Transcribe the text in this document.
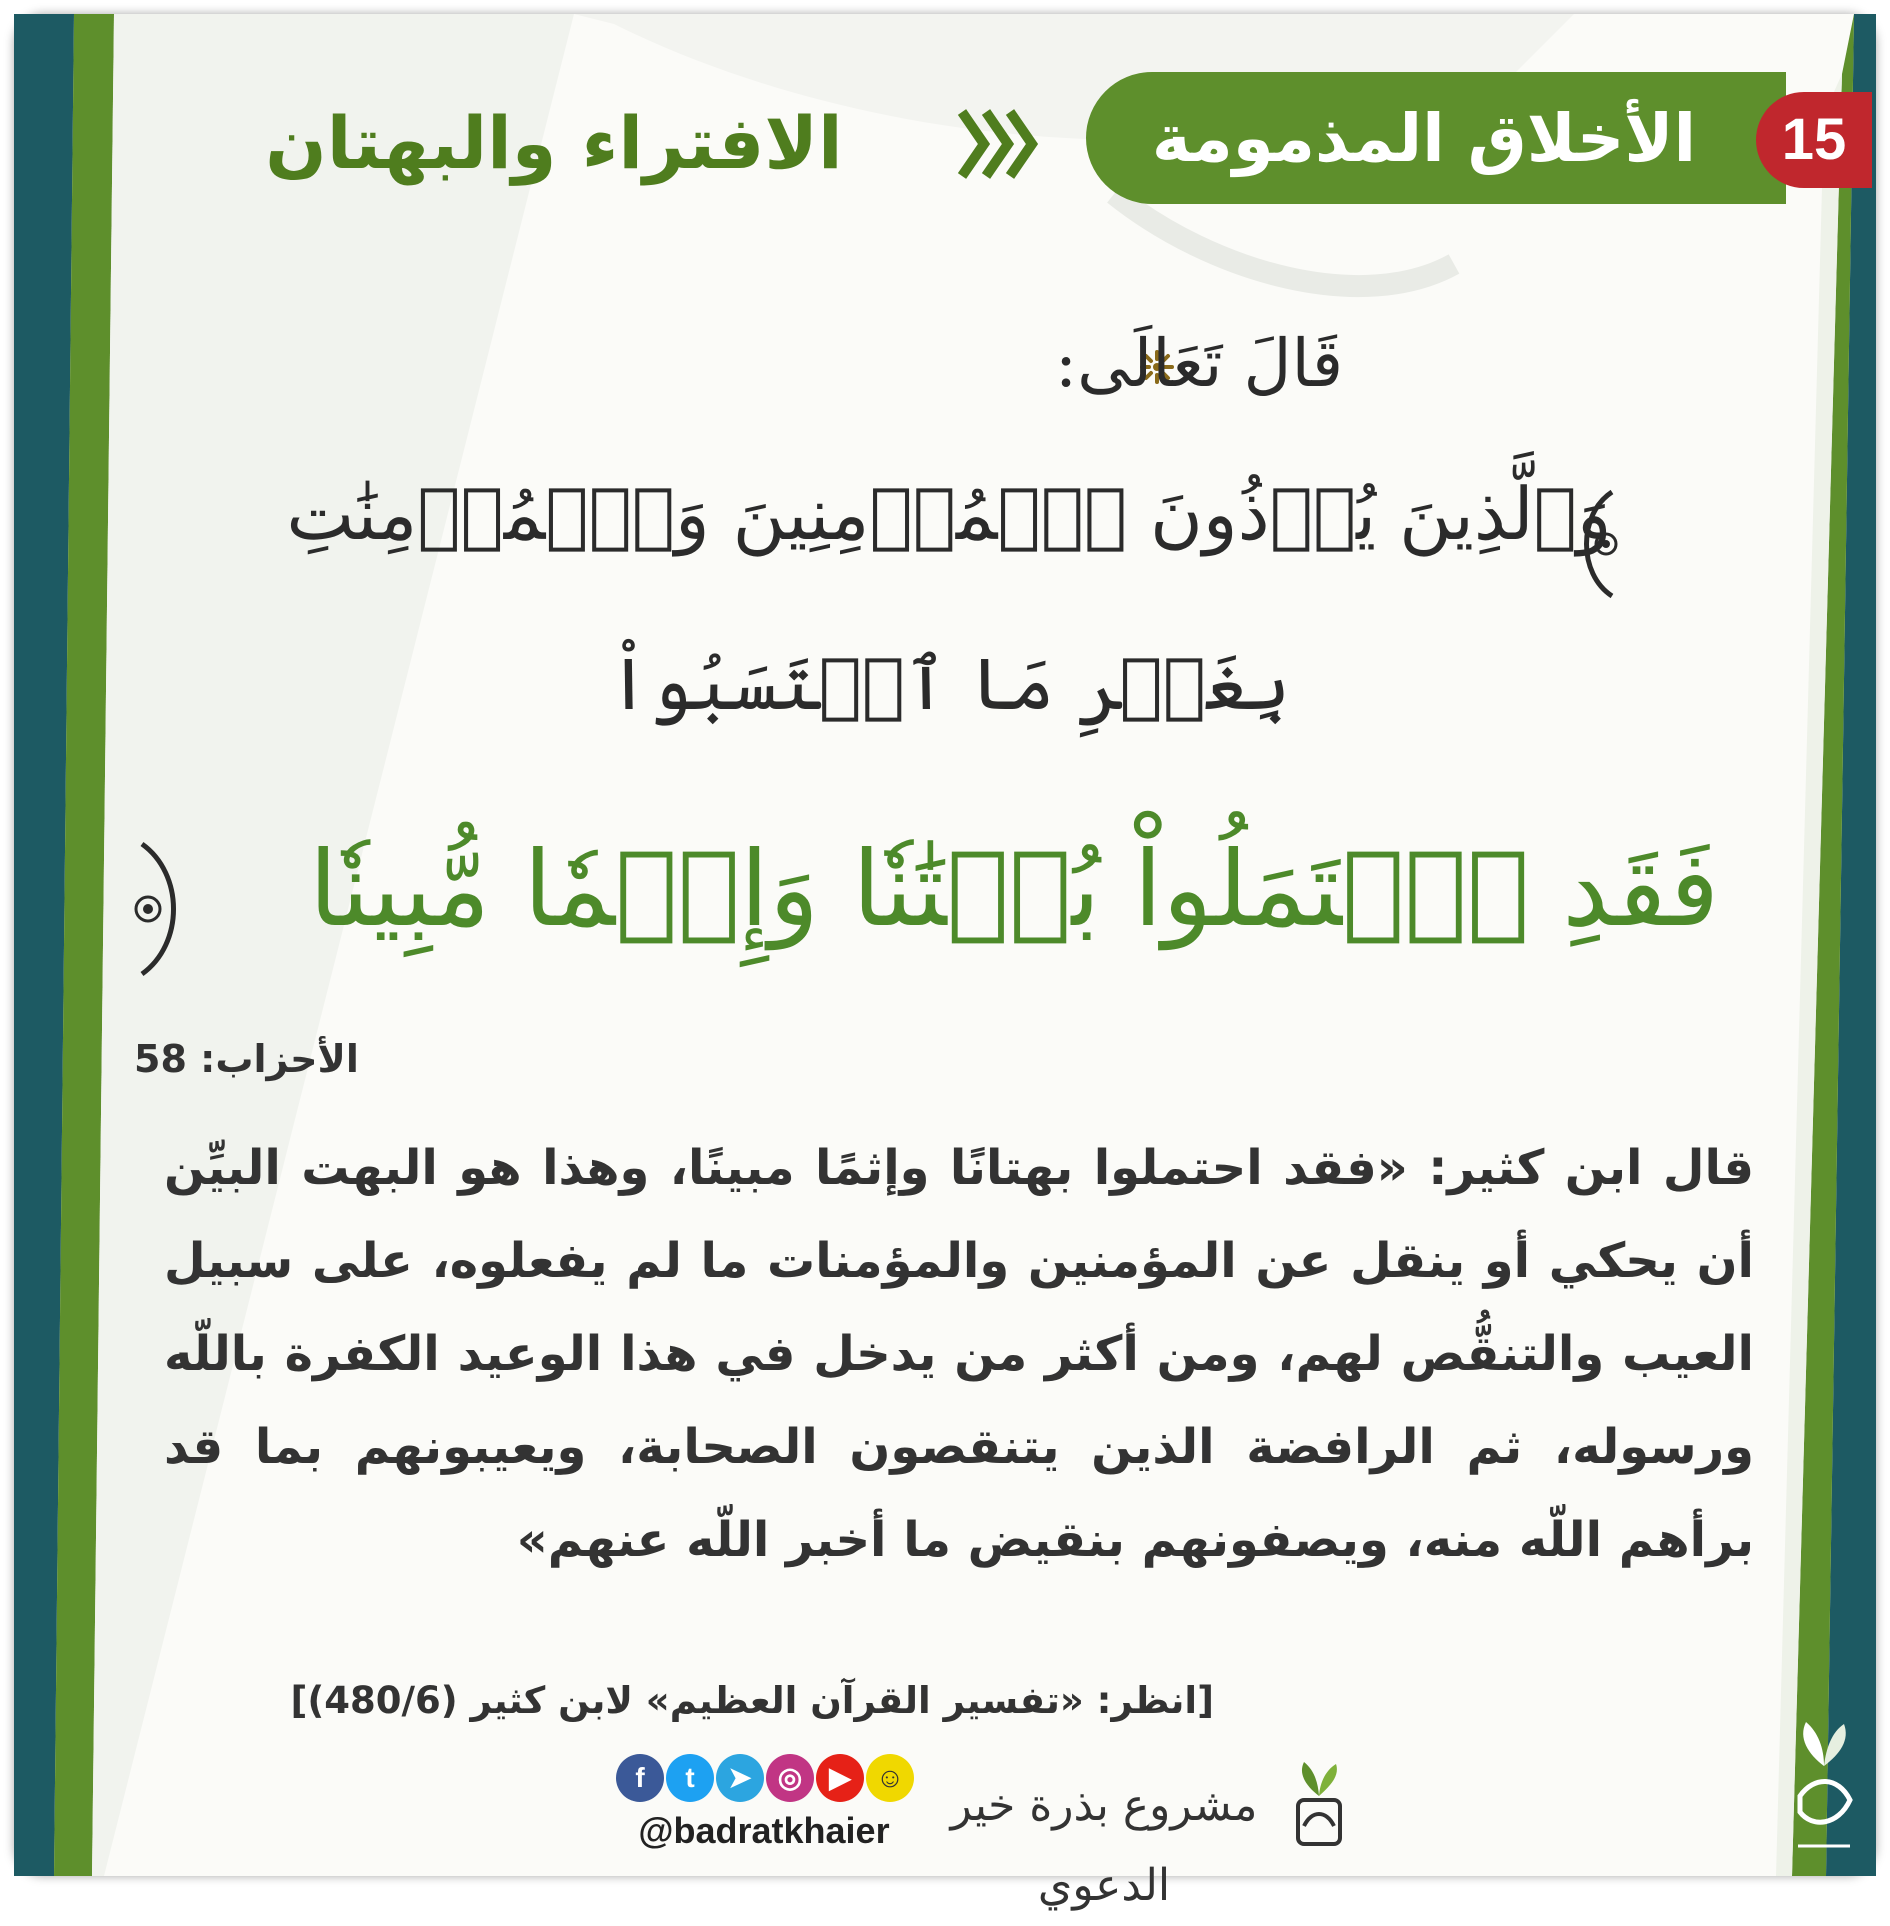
الأخلاق المذمومة	15
الافتراء والبهتان
قَالَ تَعَالَى:
وَٱلَّذِينَ يُؤۡذُونَ ٱلۡمُؤۡمِنِينَ وَٱلۡمُؤۡمِنَٰتِ
بِغَيۡرِ مَا ٱكۡتَسَبُواْ
فَقَدِ ٱحۡتَمَلُواْ بُهۡتَٰنٗا وَإِثۡمٗا مُّبِينٗا
الأحزاب: 58
قال ابن كثير: «فقد احتملوا بهتانًا وإثمًا مبينًا، وهذا هو البهت البيِّن أن يحكي أو ينقل عن المؤمنين والمؤمنات ما لم يفعلوه، على سبيل العيب والتنقُّص لهم، ومن أكثر من يدخل في هذا الوعيد الكفرة باللّه ورسوله، ثم الرافضة الذين يتنقصون الصحابة، ويعيبونهم بما قد برأهم اللّه منه، ويصفونهم بنقيض ما أخبر اللّه عنهم»
[انظر: «تفسير القرآن العظيم» لابن كثير (480/6)]
f	t	➤ ◎ ▶ ☺
@badratkhaier	مشروع بذرة خير الدعوي
